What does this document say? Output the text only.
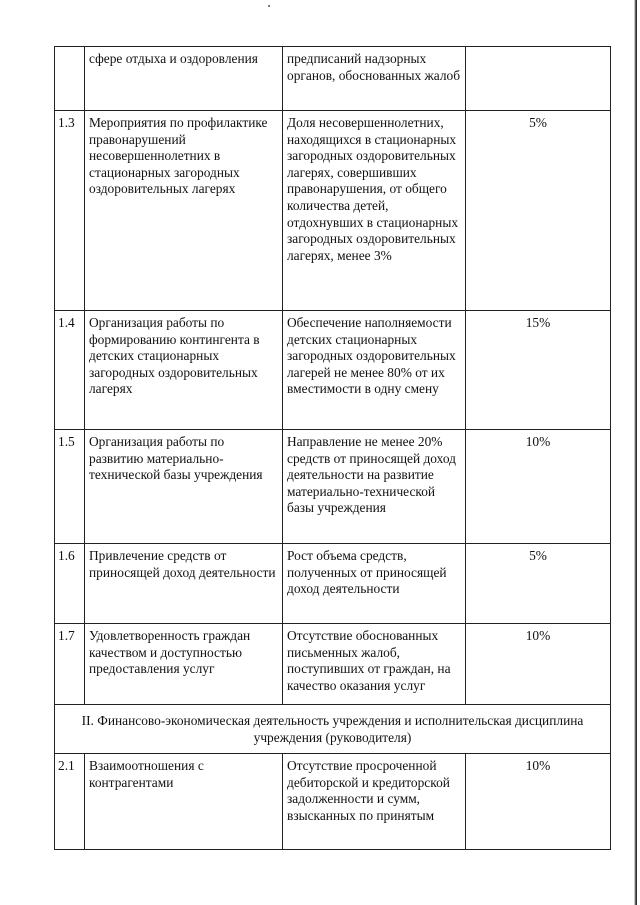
	сфере отдыха и оздоровления	предписаний надзорных органов, обоснованных жалоб	
1.3	Мероприятия по профилактике правонарушений несовершеннолетних в стационарных загородных оздоровительных лагерях	Доля несовершеннолетних, находящихся в стационарных загородных оздоровительных лагерях, совершивших правонарушения, от общего количества детей, отдохнувших в стационарных загородных оздоровительных лагерях, менее 3%	5%
1.4	Организация работы по формированию контингента в детских стационарных загородных оздоровительных лагерях	Обеспечение наполняемости детских стационарных загородных оздоровительных лагерей не менее 80% от их вместимости в одну смену	15%
1.5	Организация работы по развитию материально-технической базы учреждения	Направление не менее 20% средств от приносящей доход деятельности на развитие материально-технической базы учреждения	10%
1.6	Привлечение средств от приносящей доход деятельности	Рост объема средств, полученных от приносящей доход деятельности	5%
1.7	Удовлетворенность граждан качеством и доступностью предоставления услуг	Отсутствие обоснованных письменных жалоб, поступивших от граждан, на качество оказания услуг	10%
II. Финансово-экономическая деятельность учреждения и исполнительская дисциплина учреждения (руководителя)			
2.1	Взаимоотношения с контрагентами	Отсутствие просроченной дебиторской и кредиторской задолженности и сумм, взысканных по принятым	10%
